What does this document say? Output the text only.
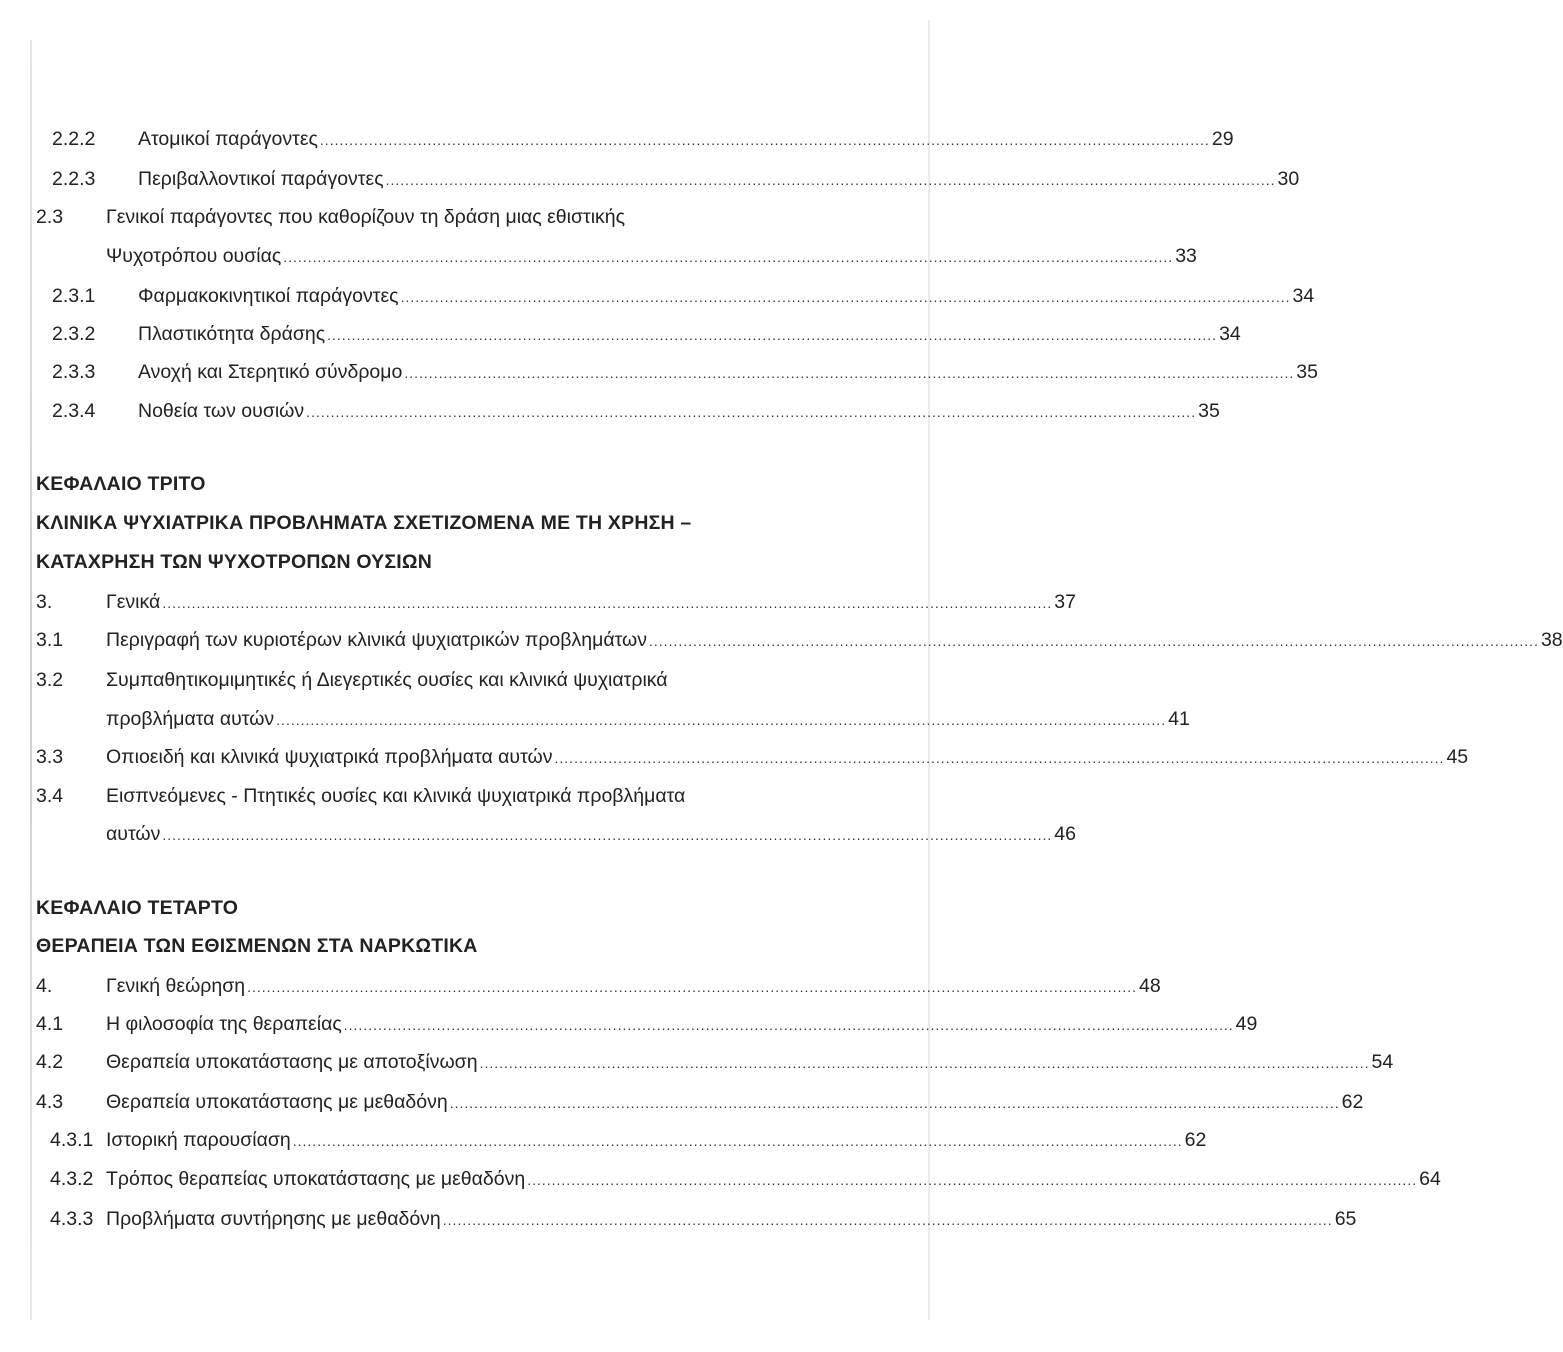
2.2.2	Ατομικοί παράγοντες ...................................................................................................................................................................................... 29
2.2.3	Περιβαλλοντικοί παράγοντες ...................................................................................................................................................................................... 30
2.3 Γενικοί παράγοντες που καθορίζουν τη δράση μιας εθιστικής
Ψυχοτρόπου ουσίας ...................................................................................................................................................................................... 33
2.3.1	Φαρμακοκινητικοί παράγοντες ...................................................................................................................................................................................... 34
2.3.2	Πλαστικότητα δράσης ...................................................................................................................................................................................... 34
2.3.3	Ανοχή και Στερητικό σύνδρομο ...................................................................................................................................................................................... 35
2.3.4	Νοθεία των ουσιών ...................................................................................................................................................................................... 35
ΚΕΦΑΛΑΙΟ ΤΡΙΤΟ
ΚΛΙΝΙΚΑ ΨΥΧΙΑΤΡΙΚΑ ΠΡΟΒΛΗΜΑΤΑ ΣΧΕΤΙΖΟΜΕΝΑ ΜΕ ΤΗ ΧΡΗΣΗ –
ΚΑΤΑΧΡΗΣΗ ΤΩΝ ΨΥΧΟΤΡΟΠΩΝ ΟΥΣΙΩΝ
3.	Γενικά ...................................................................................................................................................................................... 37
3.1	Περιγραφή των κυριοτέρων κλινικά ψυχιατρικών προβλημάτων ...................................................................................................................................................................................... 38
3.2 Συμπαθητικομιμητικές ή Διεγερτικές ουσίες και κλινικά ψυχιατρικά
προβλήματα αυτών ...................................................................................................................................................................................... 41
3.3	Οπιοειδή και κλινικά ψυχιατρικά προβλήματα αυτών ...................................................................................................................................................................................... 45
3.4 Εισπνεόμενες - Πτητικές ουσίες και κλινικά ψυχιατρικά προβλήματα
αυτών ...................................................................................................................................................................................... 46
ΚΕΦΑΛΑΙΟ ΤΕΤΑΡΤΟ
ΘΕΡΑΠΕΙΑ ΤΩΝ ΕΘΙΣΜΕΝΩΝ ΣΤΑ ΝΑΡΚΩΤΙΚΑ
4.	Γενική θεώρηση ...................................................................................................................................................................................... 48
4.1	Η φιλοσοφία της θεραπείας ...................................................................................................................................................................................... 49
4.2	Θεραπεία υποκατάστασης με αποτοξίνωση ...................................................................................................................................................................................... 54
4.3	Θεραπεία υποκατάστασης με μεθαδόνη ...................................................................................................................................................................................... 62
4.3.1 Ιστορική παρουσίαση ...................................................................................................................................................................................... 62
4.3.2 Τρόπος θεραπείας υποκατάστασης με μεθαδόνη ...................................................................................................................................................................................... 64
4.3.3 Προβλήματα συντήρησης με μεθαδόνη ...................................................................................................................................................................................... 65
